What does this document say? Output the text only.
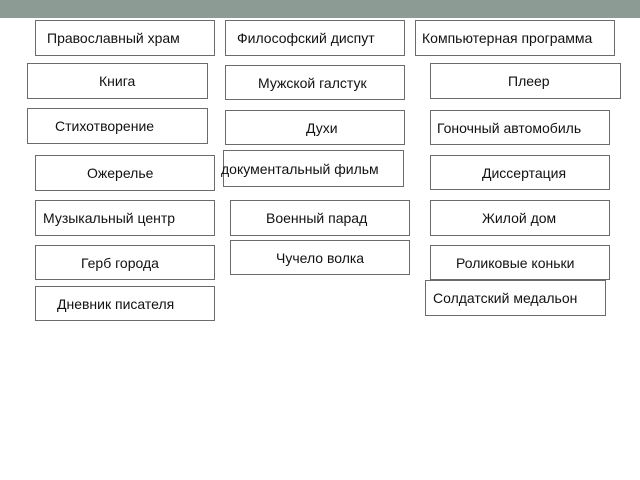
Православный храм
Книга
Стихотворение
Ожерелье
Музыкальный центр
Герб города
Дневник писателя
Философский диспут
Мужской галстук
Духи
документальный фильм
Военный парад
Чучело волка
Компьютерная программа
Плеер
Гоночный автомобиль
Диссертация
Жилой дом
Роликовые коньки
Солдатский медальон
